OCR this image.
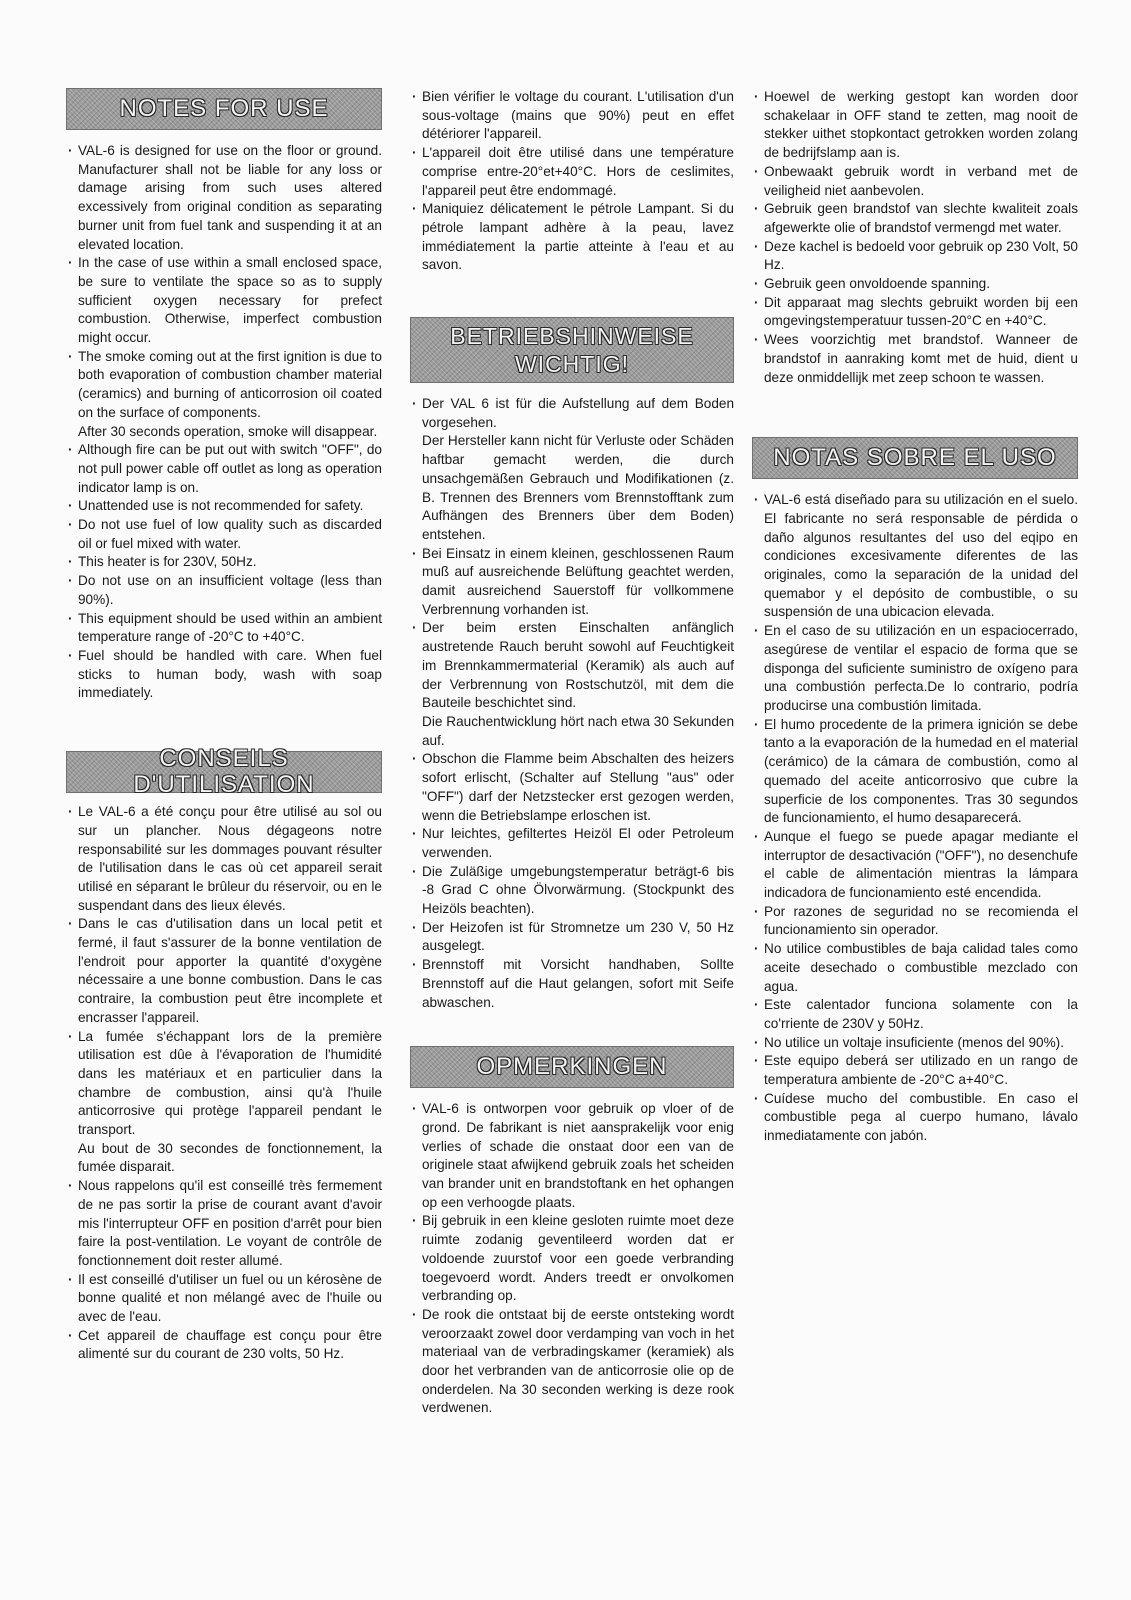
NOTES FOR USE

· VAL-6 is designed for use on the floor or ground. Manufacturer shall not be liable for any loss or damage arising from such uses altered excessively from original condition as separating burner unit from fuel tank and suspending it at an elevated location.

· In the case of use within a small enclosed space, be sure to ventilate the space so as to supply sufficient oxygen necessary for prefect combustion. Otherwise, imperfect combustion might occur.

· The smoke coming out at the first ignition is due to both evaporation of combustion chamber material (ceramics) and burning of anticorrosion oil coated on the surface of components.

After 30 seconds operation, smoke will disappear.

· Although fire can be put out with switch "OFF", do not pull power cable off outlet as long as operation indicator lamp is on.

· Unattended use is not recommended for safety.

· Do not use fuel of low quality such as discarded oil or fuel mixed with water.

· This heater is for 230V, 50Hz.

· Do not use on an insufficient voltage (less than 90%).

· This equipment should be used within an ambient temperature range of -20°C to +40°C.

· Fuel should be handled with care. When fuel sticks to human body, wash with soap immediately.

CONSEILS D'UTILISATION

· Le VAL-6 a été conçu pour être utilisé au sol ou sur un plancher. Nous dégageons notre responsabilité sur les dommages pouvant résulter de l'utilisation dans le cas où cet appareil serait utilisé en séparant le brûleur du réservoir, ou en le suspendant dans des lieux élevés.

· Dans le cas d'utilisation dans un local petit et fermé, il faut s'assurer de la bonne ventilation de l'endroit pour apporter la quantité d'oxygène nécessaire a une bonne combustion. Dans le cas contraire, la combustion peut être incomplete et encrasser l'appareil.

· La fumée s'échappant lors de la première utilisation est dûe à l'évaporation de l'humidité dans les matériaux et en particulier dans la chambre de combustion, ainsi qu'à l'huile anticorrosive qui protège l'appareil pendant le transport.

Au bout de 30 secondes de fonctionnement, la fumée disparait.

· Nous rappelons qu'il est conseillé très fermement de ne pas sortir la prise de courant avant d'avoir mis l'interrupteur OFF en position d'arrêt pour bien faire la post-ventilation. Le voyant de contrôle de fonctionnement doit rester allumé.

· Il est conseillé d'utiliser un fuel ou un kérosène de bonne qualité et non mélangé avec de l'huile ou avec de l'eau.

· Cet appareil de chauffage est conçu pour être alimenté sur du courant de 230 volts, 50 Hz.

· Bien vérifier le voltage du courant. L'utilisation d'un sous-voltage (mains que 90%) peut en effet détériorer l'appareil.

· L'appareil doit être utilisé dans une température comprise entre-20°et+40°C. Hors de ceslimites, l'appareil peut être endommagé.

· Maniquiez délicatement le pétrole Lampant. Si du pétrole lampant adhère à la peau, lavez immédiatement la partie atteinte à l'eau et au savon.

BETRIEBSHINWEISE
WICHTIG!

· Der VAL 6 ist für die Aufstellung auf dem Boden vorgesehen.

Der Hersteller kann nicht für Verluste oder Schäden haftbar gemacht werden, die durch unsachgemäßen Gebrauch und Modifikationen (z. B. Trennen des Brenners vom Brennstofftank zum Aufhängen des Brenners über dem Boden) entstehen.

· Bei Einsatz in einem kleinen, geschlossenen Raum muß auf ausreichende Belüftung geachtet werden, damit ausreichend Sauerstoff für vollkommene Verbrennung vorhanden ist.

· Der beim ersten Einschalten anfänglich austretende Rauch beruht sowohl auf Feuchtigkeit im Brennkammermaterial (Keramik) als auch auf der Verbrennung von Rostschutzöl, mit dem die Bauteile beschichtet sind.

Die Rauchentwicklung hört nach etwa 30 Sekunden auf.

· Obschon die Flamme beim Abschalten des heizers sofort erlischt, (Schalter auf Stellung "aus" oder "OFF") darf der Netzstecker erst gezogen werden, wenn die Betriebslampe erloschen ist.

· Nur leichtes, gefiltertes Heizöl El oder Petroleum verwenden.

· Die Zuläßige umgebungstemperatur beträgt-6 bis -8 Grad C ohne Ölvorwärmung. (Stockpunkt des Heizöls beachten).

· Der Heizofen ist für Stromnetze um 230 V, 50 Hz ausgelegt.

· Brennstoff mit Vorsicht handhaben, Sollte Brennstoff auf die Haut gelangen, sofort mit Seife abwaschen.

OPMERKINGEN

· VAL-6 is ontworpen voor gebruik op vloer of de grond. De fabrikant is niet aansprakelijk voor enig verlies of schade die onstaat door een van de originele staat afwijkend gebruik zoals het scheiden van brander unit en brandstoftank en het ophangen op een verhoogde plaats.

· Bij gebruik in een kleine gesloten ruimte moet deze ruimte zodanig geventileerd worden dat er voldoende zuurstof voor een goede verbranding toegevoerd wordt. Anders treedt er onvolkomen verbranding op.

· De rook die ontstaat bij de eerste ontsteking wordt veroorzaakt zowel door verdamping van voch in het materiaal van de verbradingskamer (keramiek) als door het verbranden van de anticorrosie olie op de onderdelen. Na 30 seconden werking is deze rook verdwenen.

· Hoewel de werking gestopt kan worden door schakelaar in OFF stand te zetten, mag nooit de stekker uithet stopkontact getrokken worden zolang de bedrijfslamp aan is.

· Onbewaakt gebruik wordt in verband met de veiligheid niet aanbevolen.

· Gebruik geen brandstof van slechte kwaliteit zoals afgewerkte olie of brandstof vermengd met water.

· Deze kachel is bedoeld voor gebruik op 230 Volt, 50 Hz.

· Gebruik geen onvoldoende spanning.

· Dit apparaat mag slechts gebruikt worden bij een omgevingstemperatuur tussen-20°C en +40°C.

· Wees voorzichtig met brandstof. Wanneer de brandstof in aanraking komt met de huid, dient u deze onmiddellijk met zeep schoon te wassen.

NOTAS SOBRE EL USO

· VAL-6 está diseñado para su utilización en el suelo. El fabricante no será responsable de pérdida o daño algunos resultantes del uso del eqipo en condiciones excesivamente diferentes de las originales, como la separación de la unidad del quemabor y el depósito de combustible, o su suspensión de una ubicacion elevada.

· En el caso de su utilización en un espaciocerrado, asegúrese de ventilar el espacio de forma que se disponga del suficiente suministro de oxígeno para una combustión perfecta.De lo contrario, podría producirse una combustión limitada.

· El humo procedente de la primera ignición se debe tanto a la evaporación de la humedad en el material (cerámico) de la cámara de combustión, como al quemado del aceite anticorrosivo que cubre la superficie de los componentes. Tras 30 segundos de funcionamiento, el humo desaparecerá.

· Aunque el fuego se puede apagar mediante el interruptor de desactivación ("OFF"), no desenchufe el cable de alimentación mientras la lámpara indicadora de funcionamiento esté encendida.

· Por razones de seguridad no se recomienda el funcionamiento sin operador.

· No utilice combustibles de baja calidad tales como aceite desechado o combustible mezclado con agua.

· Este calentador funciona solamente con la co'rriente de 230V y 50Hz.

· No utilice un voltaje insuficiente (menos del 90%).

· Este equipo deberá ser utilizado en un rango de temperatura ambiente de -20°C a+40°C.

· Cuídese mucho del combustible. En caso el combustible pega al cuerpo humano, lávalo inmediatamente con jabón.
